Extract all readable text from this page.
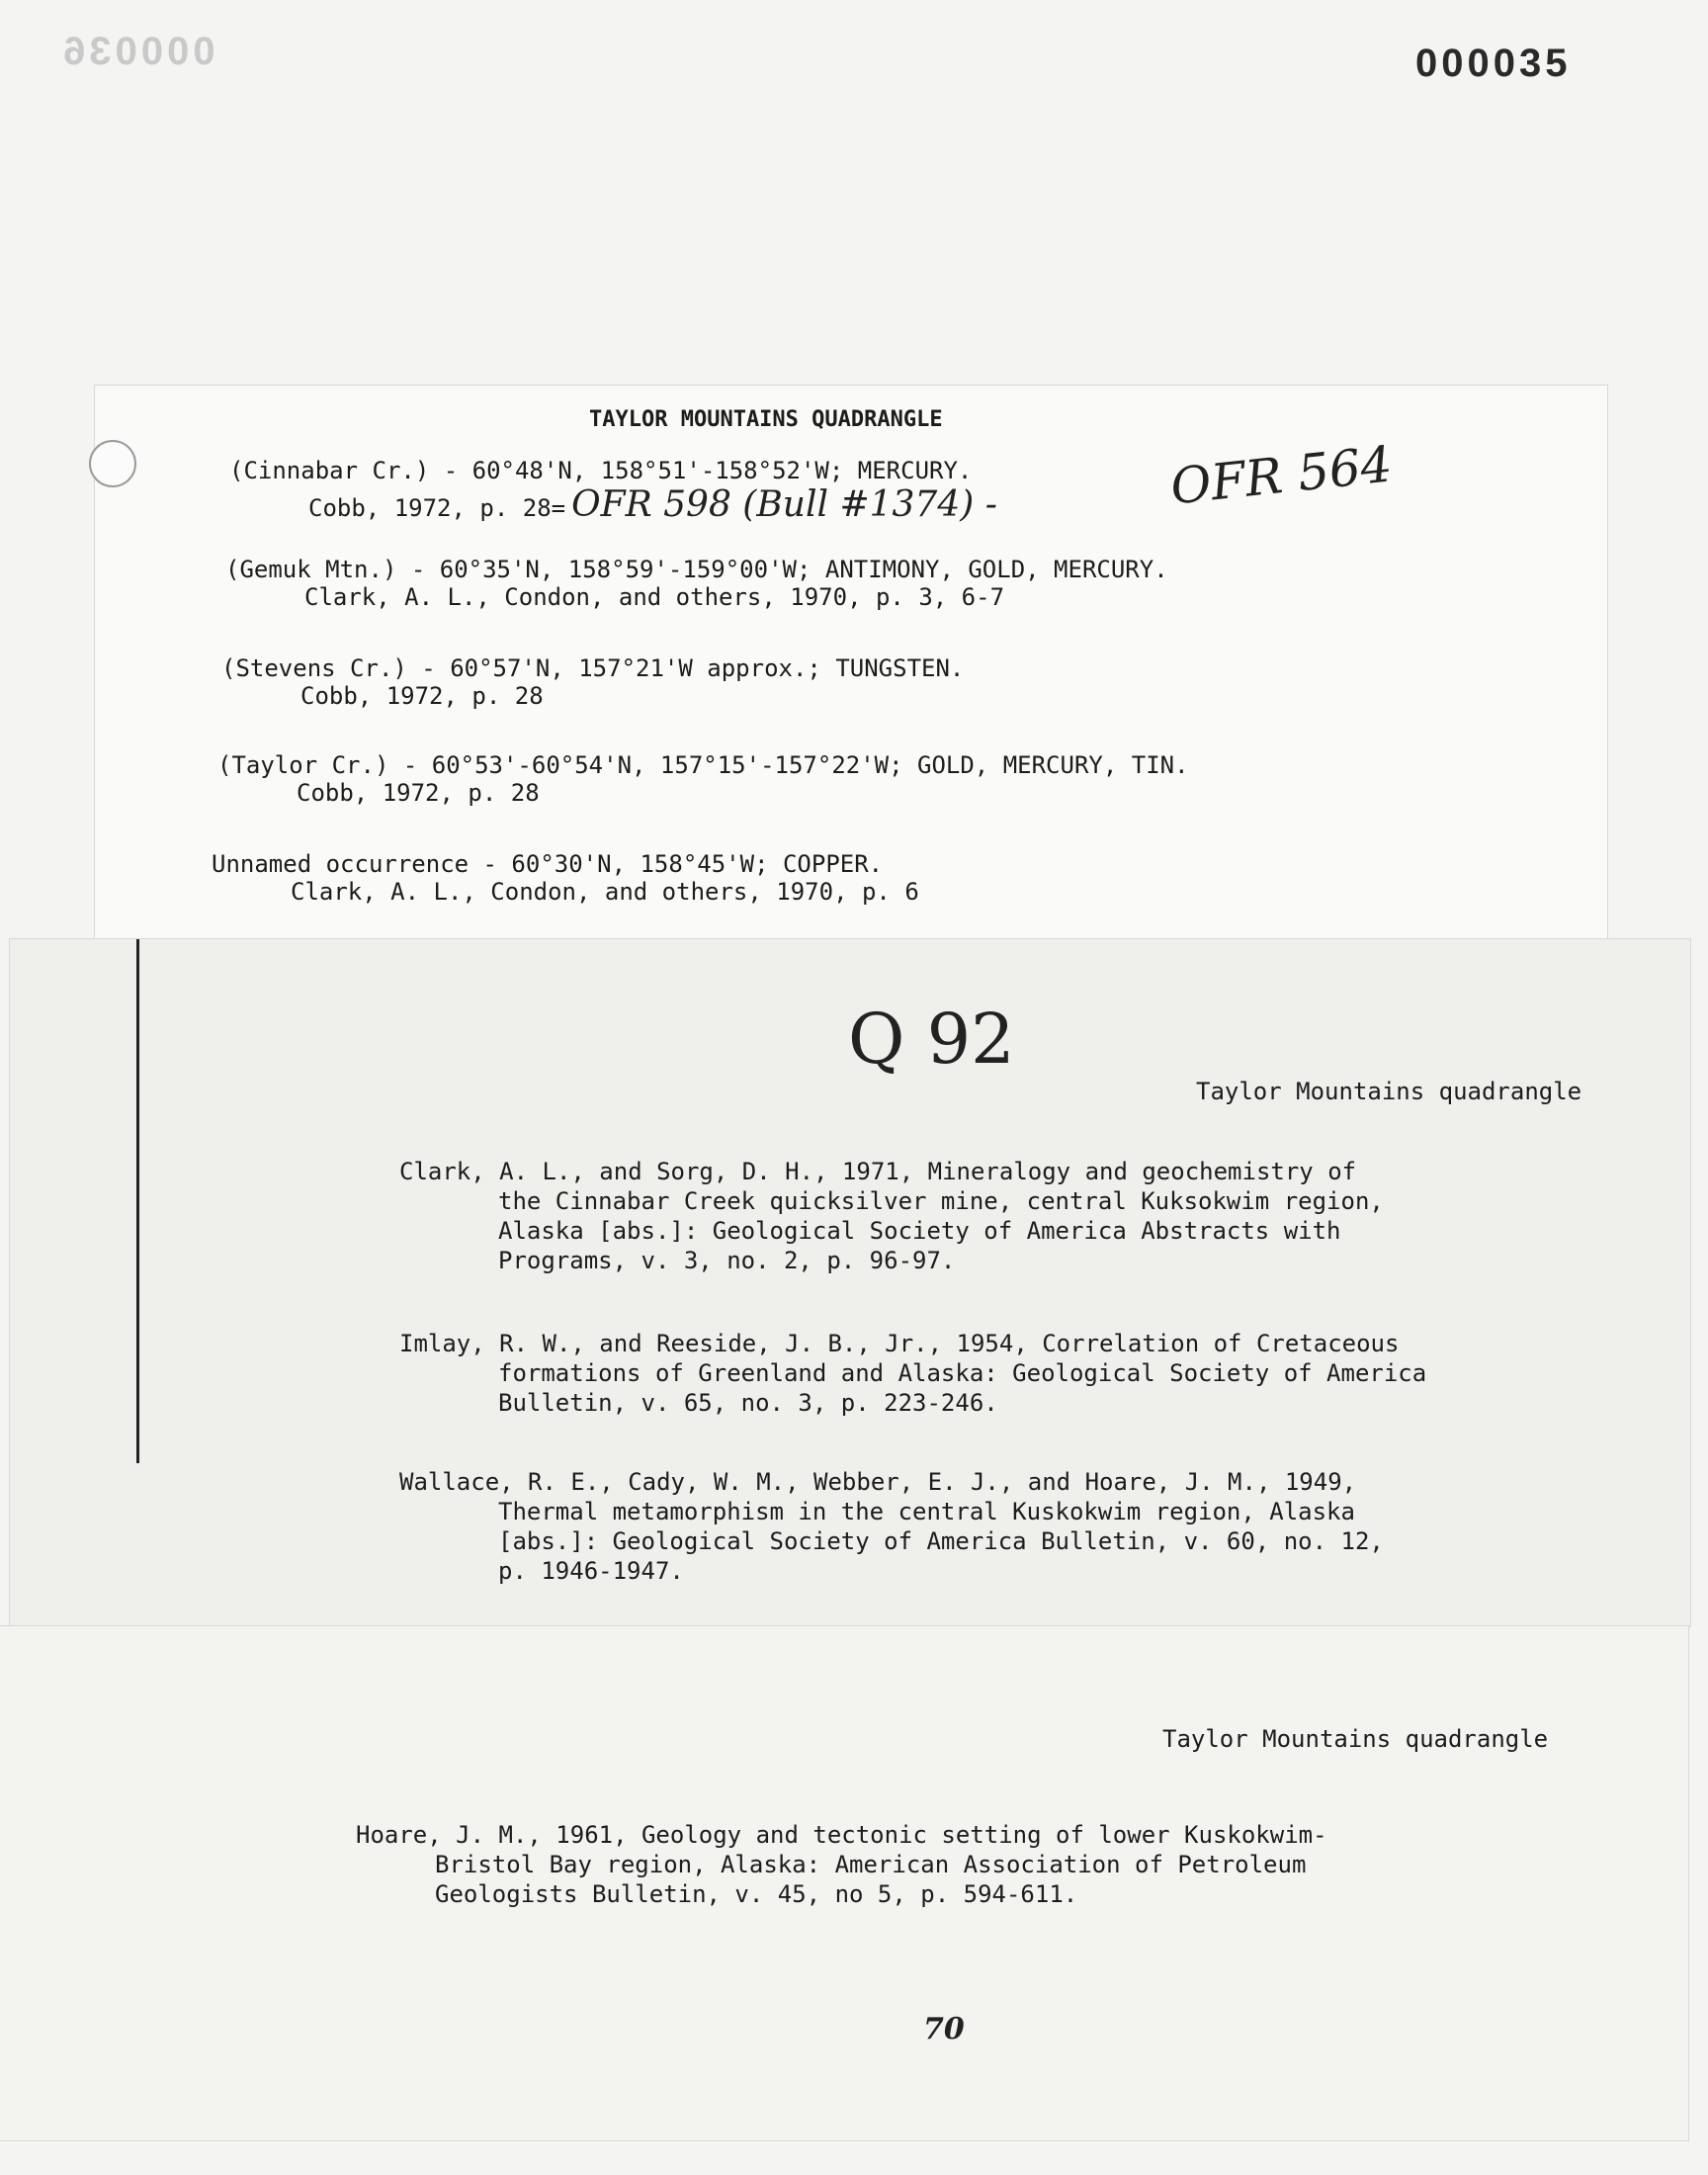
000036	000035
TAYLOR MOUNTAINS QUADRANGLE
OFR 564
(Cinnabar Cr.) - 60°48'N, 158°51'-158°52'W; MERCURY.
Cobb, 1972, p. 28= OFR 598 (Bull #1374) -
(Gemuk Mtn.) - 60°35'N, 158°59'-159°00'W; ANTIMONY, GOLD, MERCURY.
Clark, A. L., Condon, and others, 1970, p. 3, 6-7
(Stevens Cr.) - 60°57'N, 157°21'W approx.; TUNGSTEN.
Cobb, 1972, p. 28
(Taylor Cr.) - 60°53'-60°54'N, 157°15'-157°22'W; GOLD, MERCURY, TIN.
Cobb, 1972, p. 28
Unnamed occurrence - 60°30'N, 158°45'W; COPPER.
Clark, A. L., Condon, and others, 1970, p. 6
Q 92
Taylor Mountains quadrangle
Clark, A. L., and Sorg, D. H., 1971, Mineralogy and geochemistry of
the Cinnabar Creek quicksilver mine, central Kuksokwim region,
Alaska [abs.]: Geological Society of America Abstracts with
Programs, v. 3, no. 2, p. 96-97.
Imlay, R. W., and Reeside, J. B., Jr., 1954, Correlation of Cretaceous
formations of Greenland and Alaska: Geological Society of America
Bulletin, v. 65, no. 3, p. 223-246.
Wallace, R. E., Cady, W. M., Webber, E. J., and Hoare, J. M., 1949,
Thermal metamorphism in the central Kuskokwim region, Alaska
[abs.]: Geological Society of America Bulletin, v. 60, no. 12,
p. 1946-1947.
Taylor Mountains quadrangle
Hoare, J. M., 1961, Geology and tectonic setting of lower Kuskokwim-
Bristol Bay region, Alaska: American Association of Petroleum
Geologists Bulletin, v. 45, no 5, p. 594-611.
70
